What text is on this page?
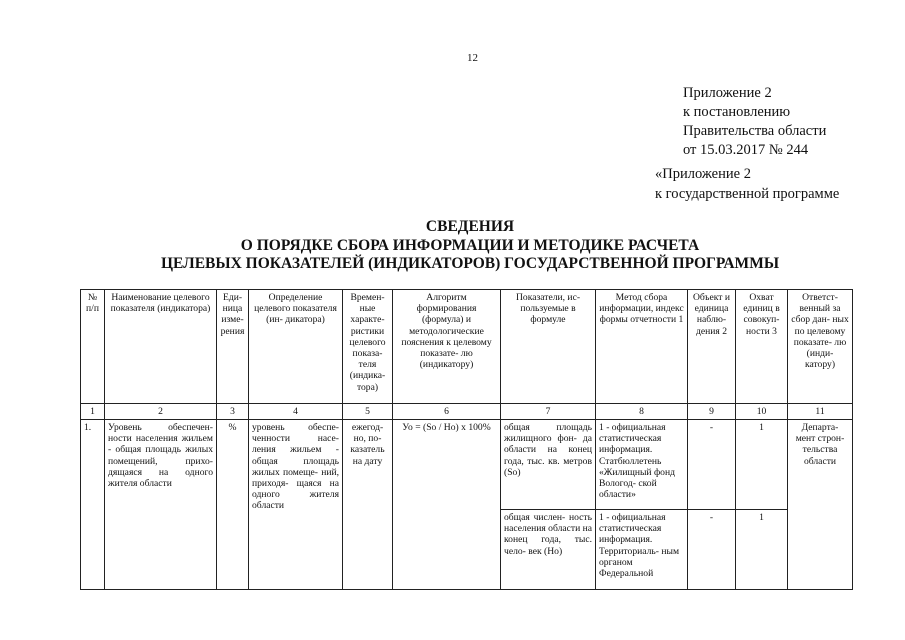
12
Приложение 2
к постановлению
Правительства области
от 15.03.2017 № 244
«Приложение 2
к государственной программе
СВЕДЕНИЯ
О ПОРЯДКЕ СБОРА ИНФОРМАЦИИ И МЕТОДИКЕ РАСЧЕТА
ЦЕЛЕВЫХ ПОКАЗАТЕЛЕЙ (ИНДИКАТОРОВ) ГОСУДАРСТВЕННОЙ ПРОГРАММЫ
№ п/п	Наименование целевого показателя (индикатора)	Еди- ница изме- рения	Определение целевого показателя (ин- дикатора)	Времен- ные характе- ристики целевого показа- теля (индика- тора)	Алгоритм формирования (формула) и методологические пояснения к целевому показате- лю (индикатору)	Показатели, ис- пользуемые в формуле	Метод сбора информации, индекс формы отчетности 1	Объект и единица наблю- дения 2	Охват единиц в совокуп- ности 3	Ответст- венный за сбор дан- ных по целевому показате- лю (инди- катору)
1	2	3	4	5	6	7	8	9	10	11
1.	Уровень обеспечен- ности населения жильем - общая площадь жилых помещений, прихо- дящаяся на одного жителя области	%	уровень обеспе- ченности насе- ления жильем - общая площадь жилых помеще- ний, приходя- щаяся на одного жителя области	ежегод- но, по- казатель на дату	Уо = (So / Ho) x 100%	общая площадь жилищного фон- да области на конец года, тыс. кв. метров (So)	1 - официальная статистическая информация. Статбюллетень «Жилищный фонд Вологод- ской области»	-	1	Департа- мент строн- тельства области
						общая числен- ность населения области на конец года, тыс. чело- век (Ho)	1 - официальная статистическая информация. Территориаль- ным органом Федеральной	-	1	
